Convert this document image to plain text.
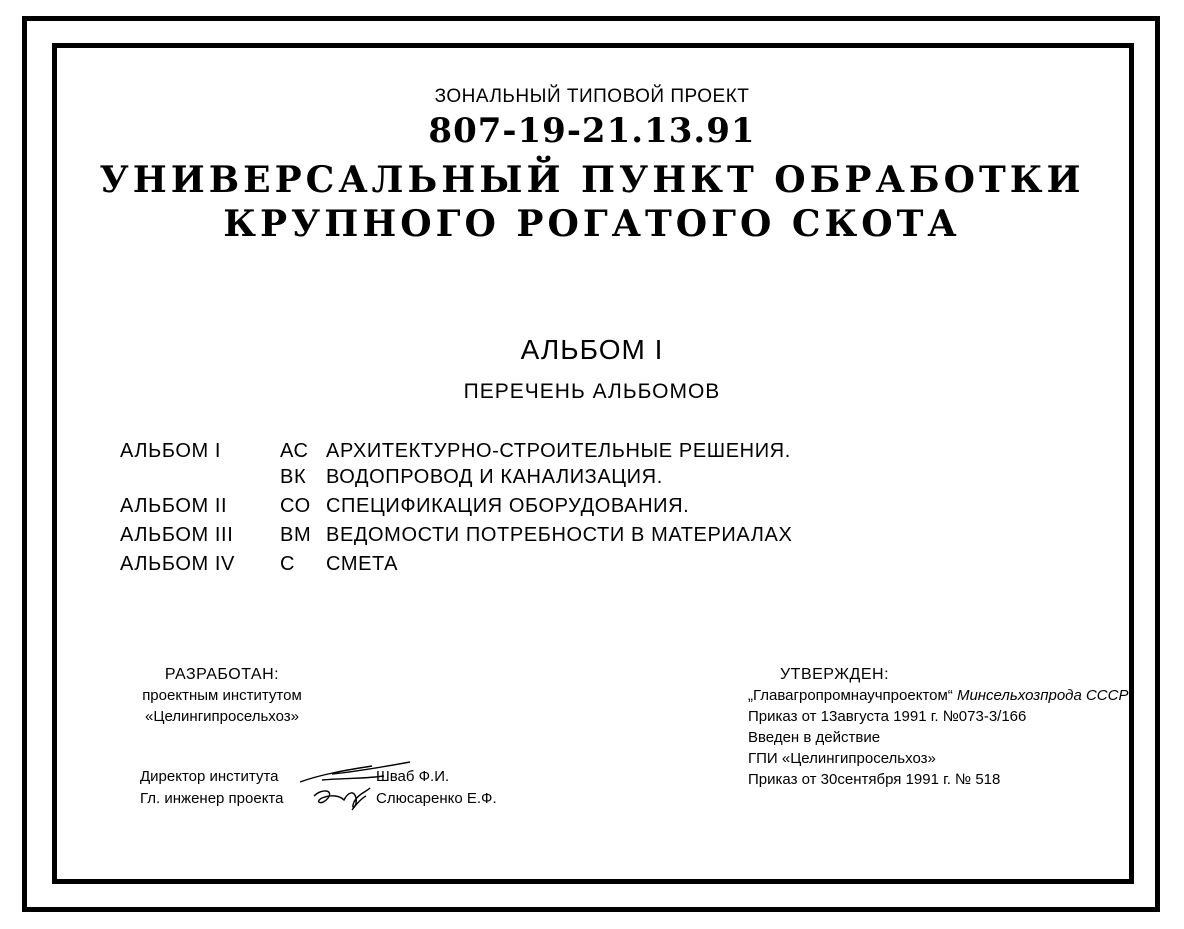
ЗОНАЛЬНЫЙ ТИПОВОЙ ПРОЕКТ
807-19-21.13.91
УНИВЕРСАЛЬНЫЙ ПУНКТ ОБРАБОТКИ
КРУПНОГО РОГАТОГО СКОТА
АЛЬБОМ I
ПЕРЕЧЕНЬ АЛЬБОМОВ
АЛЬБОМ I	АС АРХИТЕКТУРНО-СТРОИТЕЛЬНЫЕ РЕШЕНИЯ.
ВК ВОДОПРОВОД И КАНАЛИЗАЦИЯ.
АЛЬБОМ II	СО СПЕЦИФИКАЦИЯ ОБОРУДОВАНИЯ.
АЛЬБОМ III	ВМ ВЕДОМОСТИ ПОТРЕБНОСТИ В МАТЕРИАЛАХ
АЛЬБОМ IV	С	СМЕТА
РАЗРАБОТАН:
проектным институтом
«Целингипросельхоз»
Директор института	Шваб Ф.И.
Гл. инженер проекта	Слюсаренко Е.Ф.
УТВЕРЖДЕН:
„Главагропромнаучпроектом“ Минсельхозпрода СССР
Приказ от 13августа 1991 г. №073-3/166
Введен в действие
ГПИ «Целингипросельхоз»
Приказ от 30сентября 1991 г. № 518
